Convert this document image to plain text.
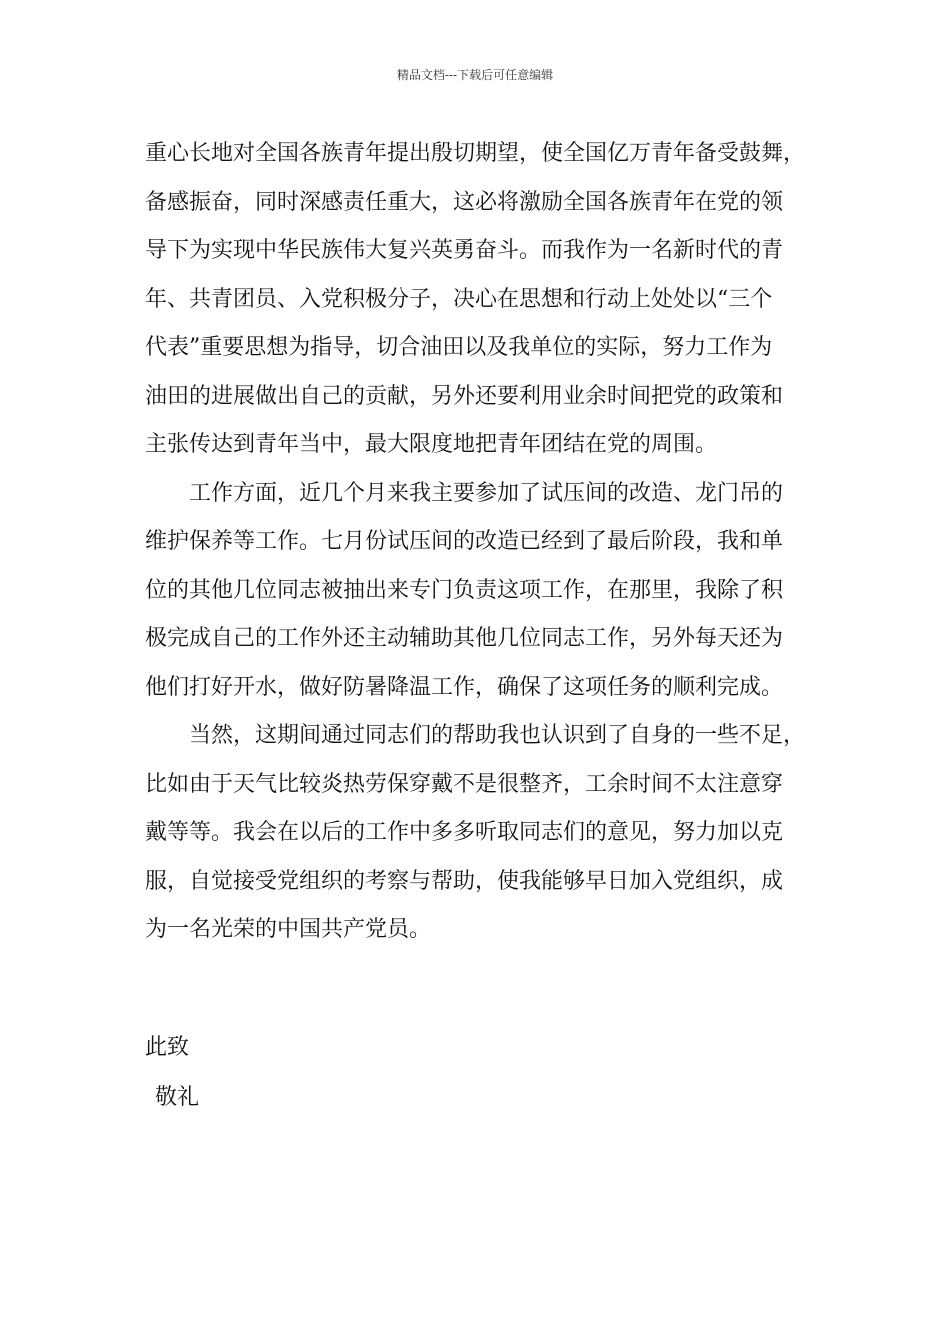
精品文档---下载后可任意编辑

重心长地对全国各族青年提出殷切期望，使全国亿万青年备受鼓舞，
备感振奋，同时深感责任重大，这必将激励全国各族青年在党的领
导下为实现中华民族伟大复兴英勇奋斗。而我作为一名新时代的青
年、共青团员、入党积极分子，决心在思想和行动上处处以“三个
代表”重要思想为指导，切合油田以及我单位的实际，努力工作为
油田的进展做出自己的贡献，另外还要利用业余时间把党的政策和
主张传达到青年当中，最大限度地把青年团结在党的周围。

　　工作方面，近几个月来我主要参加了试压间的改造、龙门吊的
维护保养等工作。七月份试压间的改造已经到了最后阶段，我和单
位的其他几位同志被抽出来专门负责这项工作，在那里，我除了积
极完成自己的工作外还主动辅助其他几位同志工作，另外每天还为
他们打好开水，做好防暑降温工作，确保了这项任务的顺利完成。

　　当然，这期间通过同志们的帮助我也认识到了自身的一些不足，
比如由于天气比较炎热劳保穿戴不是很整齐，工余时间不太注意穿
戴等等。我会在以后的工作中多多听取同志们的意见，努力加以克
服，自觉接受党组织的考察与帮助，使我能够早日加入党组织，成
为一名光荣的中国共产党员。

此致
敬礼
